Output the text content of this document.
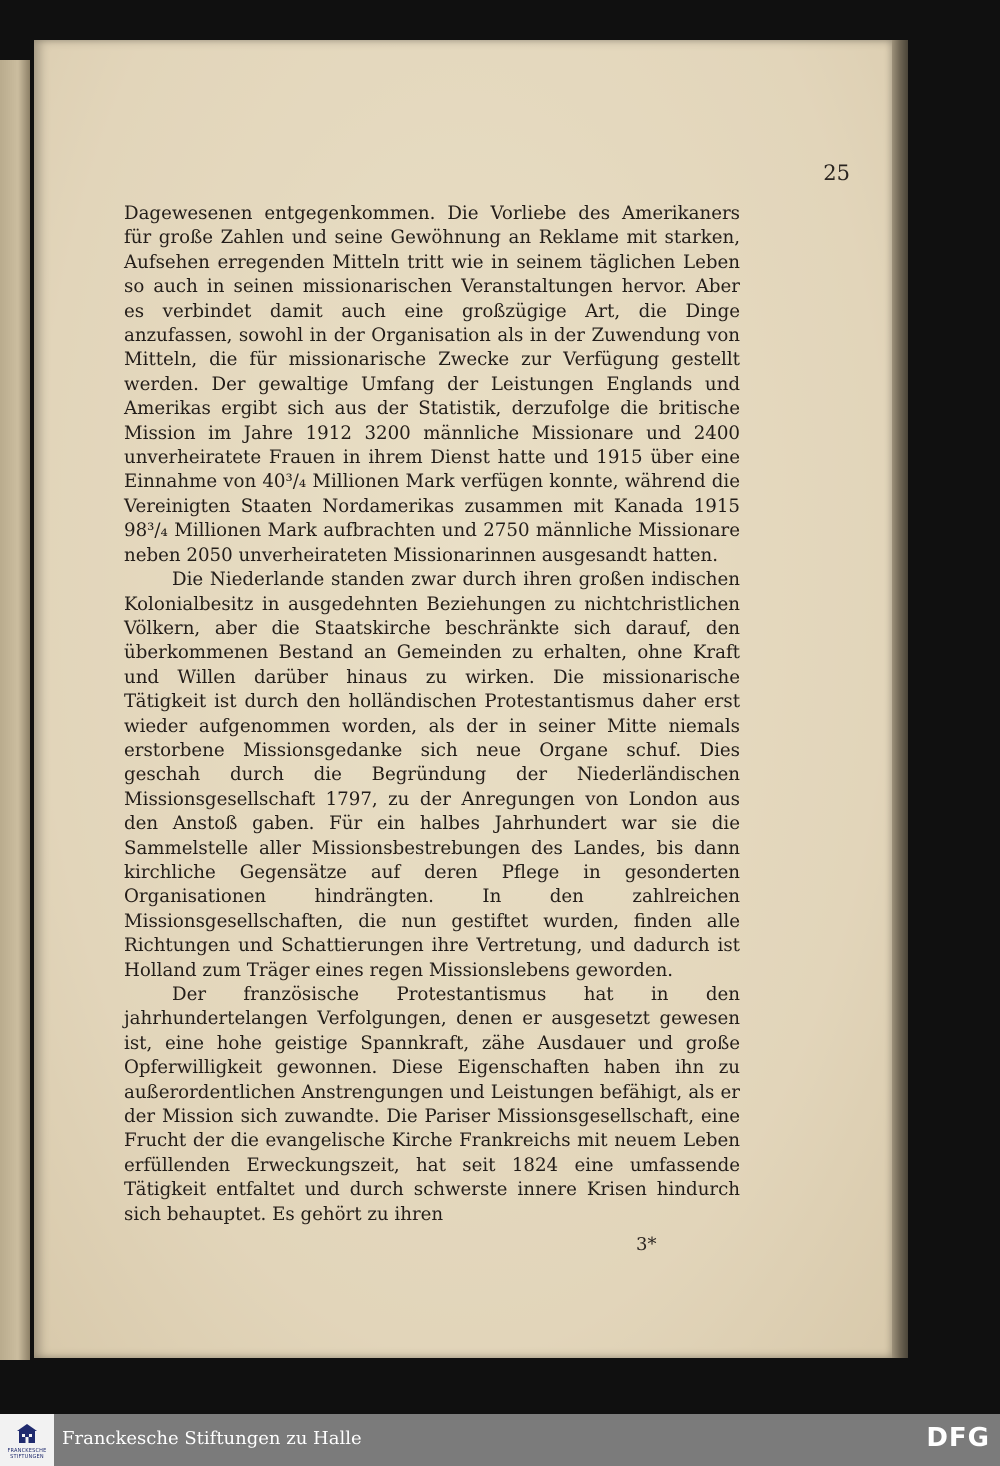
25

Dagewesenen entgegenkommen. Die Vorliebe des Amerikaners für große Zahlen und seine Gewöhnung an Reklame mit starken, Aufsehen erregenden Mitteln tritt wie in seinem täglichen Leben so auch in seinen missionarischen Veranstaltungen hervor. Aber es verbindet damit auch eine großzügige Art, die Dinge anzufassen, sowohl in der Organisation als in der Zuwendung von Mitteln, die für missionarische Zwecke zur Verfügung gestellt werden. Der gewaltige Umfang der Leistungen Englands und Amerikas ergibt sich aus der Statistik, derzufolge die britische Mission im Jahre 1912 3200 männliche Missionare und 2400 unverheiratete Frauen in ihrem Dienst hatte und 1915 über eine Einnahme von 40³/₄ Millionen Mark verfügen konnte, während die Vereinigten Staaten Nordamerikas zusammen mit Kanada 1915 98³/₄ Millionen Mark aufbrachten und 2750 männliche Missionare neben 2050 unverheirateten Missionarinnen ausgesandt hatten.

Die Niederlande standen zwar durch ihren großen indischen Kolonialbesitz in ausgedehnten Beziehungen zu nichtchristlichen Völkern, aber die Staatskirche beschränkte sich darauf, den überkommenen Bestand an Gemeinden zu erhalten, ohne Kraft und Willen darüber hinaus zu wirken. Die missionarische Tätigkeit ist durch den holländischen Protestantismus daher erst wieder aufgenommen worden, als der in seiner Mitte niemals erstorbene Missionsgedanke sich neue Organe schuf. Dies geschah durch die Begründung der Niederländischen Missionsgesellschaft 1797, zu der Anregungen von London aus den Anstoß gaben. Für ein halbes Jahrhundert war sie die Sammelstelle aller Missionsbestrebungen des Landes, bis dann kirchliche Gegensätze auf deren Pflege in gesonderten Organisationen hindrängten. In den zahlreichen Missionsgesellschaften, die nun gestiftet wurden, finden alle Richtungen und Schattierungen ihre Vertretung, und dadurch ist Holland zum Träger eines regen Missionslebens geworden.

Der französische Protestantismus hat in den jahrhundertelangen Verfolgungen, denen er ausgesetzt gewesen ist, eine hohe geistige Spannkraft, zähe Ausdauer und große Opferwilligkeit gewonnen. Diese Eigenschaften haben ihn zu außerordentlichen Anstrengungen und Leistungen befähigt, als er der Mission sich zuwandte. Die Pariser Missionsgesellschaft, eine Frucht der die evangelische Kirche Frankreichs mit neuem Leben erfüllenden Erweckungszeit, hat seit 1824 eine umfassende Tätigkeit entfaltet und durch schwerste innere Krisen hindurch sich behauptet. Es gehört zu ihren

3*
FRANCKESCHE STIFTUNGEN
Franckesche Stiftungen zu Halle	DFG
